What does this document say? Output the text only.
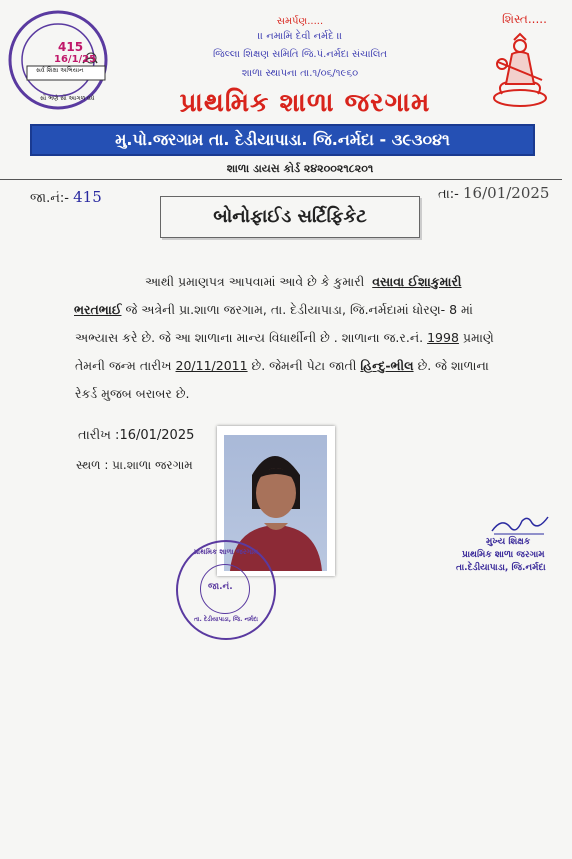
415
16/1/25
સર્વ શિક્ષા અભિયાન
સૌ ભણે સૌ આગળ વધે
સમર્પણ.....
।। નમામિ દેવી નર્મદે ।।
જિલ્લા શિક્ષણ સમિતિ જિ.પં.નર્મદા સંચાલિત
શાળા સ્થાપના તા.૧/૦૬/૧૯૬૦
શિસ્ત.....
પ્રાથમિક શાળા જરગામ
મુ.પો.જરગામ તા. દેડીયાપાડા. જિ.નર્મદા - ૩૯૩૦૪૧
શાળા ડાયસ કોર્ડ ૨૪૨૦૦૨૧૮૨૦૧
જા.નં:- 415	તા:- 16/01/2025
બોનોફાઈડ સર્ટિફિકેટ
આથી પ્રમાણપત્ર આપવામાં આવે છે કે કુમારી વસાવા ઈશાકુમારી
ભરતભાઈ જે અત્રેની પ્રા.શાળા જરગામ, તા. દેડીયાપાડા, જિ.નર્મદામાં ધોરણ- 8 માં
અભ્યાસ કરે છે. જે આ શાળાના માન્ય વિધાર્થીની છે . શાળાના જ.ર.નં. 1998 પ્રમાણે
તેમની જન્મ તારીખ 20/11/2011 છે. જેમની પેટા જાતી હિન્દુ-ભીલ છે. જે શાળાના
રેકર્ડ મુજબ બરાબર છે.
તારીખ :16/01/2025
સ્થળ : પ્રા.શાળા જરગામ
પ્રાથમિક શાળા જરગામ
જા.નં.
તા. દેડીયાપાડા, જિ. નર્મદા
મુખ્ય શિક્ષક
પ્રાથમિક શાળા જરગામ
તા.દેડીયાપાડા, જિ.નર્મદા
